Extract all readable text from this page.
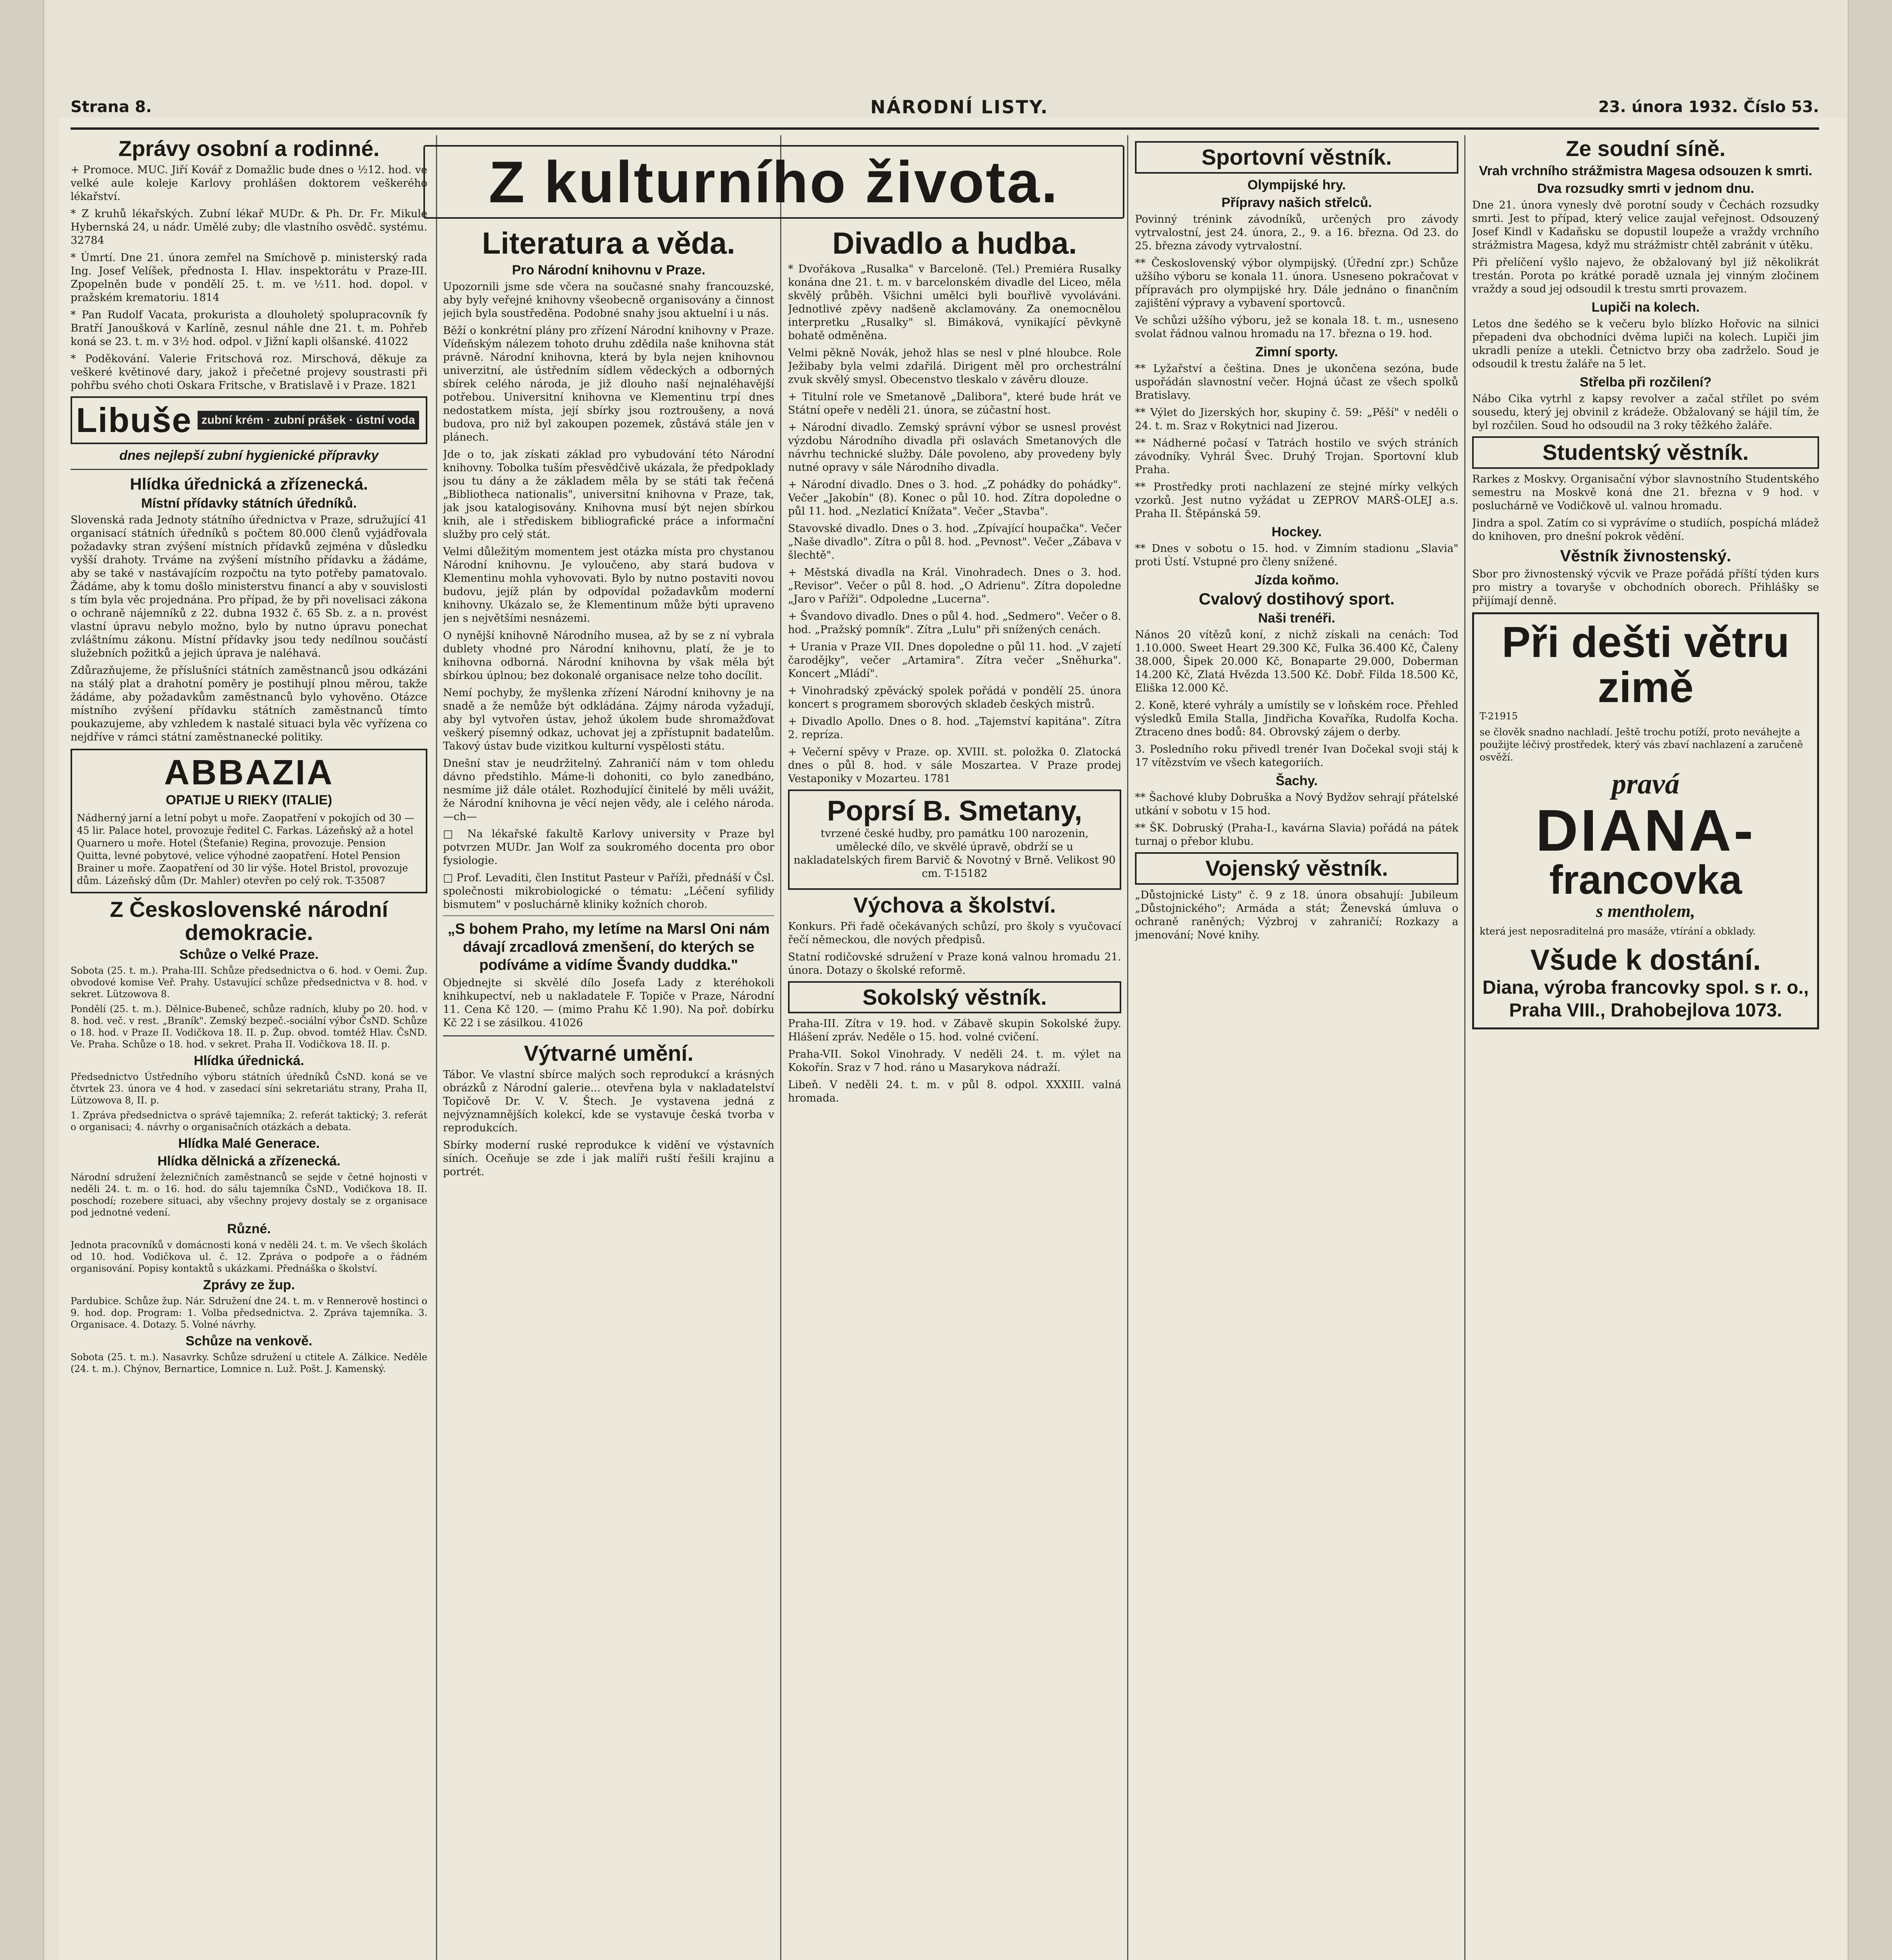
Strana 8.	NÁRODNÍ LISTY.	23. února 1932. Číslo 53.
Z kulturního života.
Zprávy osobní a rodinné.

+ Promoce. MUC. Jiří Kovář z Domažlic bude dnes o ½12. hod. ve velké aule koleje Karlovy prohlášen doktorem veškerého lékařství.

* Z kruhů lékařských. Zubní lékař MUDr. & Ph. Dr. Fr. Mikule Hybernská 24, u nádr. Umělé zuby; dle vlastního osvědč. systému. 32784

* Úmrtí. Dne 21. února zemřel na Smíchově p. ministerský rada Ing. Josef Velíšek, přednosta I. Hlav. inspektorátu v Praze-III. Zpopelněn bude v pondělí 25. t. m. ve ½11. hod. dopol. v pražském krematoriu. 1814

* Pan Rudolf Vacata, prokurista a dlouholetý spolupracovník fy Bratří Janoušková v Karlíně, zesnul náhle dne 21. t. m. Pohřeb koná se 23. t. m. v 3½ hod. odpol. v Jižní kapli olšanské. 41022

* Poděkování. Valerie Fritschová roz. Mirschová, děkuje za veškeré květinové dary, jakož i přečetné projevy soustrasti při pohřbu svého choti Oskara Fritsche, v Bratislavě i v Praze. 1821

Libuše zubní krém · zubní prášek · ústní voda
dnes nejlepší zubní hygienické přípravky
Hlídka úřednická a zřízenecká.
Místní přídavky státních úředníků.

Slovenská rada Jednoty státního úřednictva v Praze, sdružující 41 organisací státních úředníků s počtem 80.000 členů vyjádřovala požadavky stran zvýšení místních přídavků zejména v důsledku vyšší drahoty. Trváme na zvýšení místního přídavku a žádáme, aby se také v nastávajícím rozpočtu na tyto potřeby pamatovalo. Žádáme, aby k tomu došlo ministerstvu financí a aby v souvislosti s tím byla věc projednána. Pro případ, že by při novelisaci zákona o ochraně nájemníků z 22. dubna 1932 č. 65 Sb. z. a n. provést vlastní úpravu nebylo možno, bylo by nutno úpravu ponechat zvláštnímu zákonu. Místní přídavky jsou tedy nedílnou součástí služebních požitků a jejich úprava je naléhavá.

Zdůrazňujeme, že příslušníci státních zaměstnanců jsou odkázáni na stálý plat a drahotní poměry je postihují plnou měrou, takže žádáme, aby požadavkům zaměstnanců bylo vyhověno. Otázce místního zvýšení přídavku státních zaměstnanců tímto poukazujeme, aby vzhledem k nastalé situaci byla věc vyřízena co nejdříve v rámci státní zaměstnanecké politiky.

ABBAZIA
OPATIJE U RIEKY (ITALIE)
Nádherný jarní a letní pobyt u moře. Zaopatření v pokojích od 30 — 45 lir. Palace hotel, provozuje ředitel C. Farkas. Lázeňský až a hotel Quarnero u moře. Hotel (Štefanie) Regina, provozuje. Pension Quitta, levné pobytové, velice výhodné zaopatření. Hotel Pension Brainer u moře. Zaopatření od 30 lir výše. Hotel Bristol, provozuje dům. Lázeňský dům (Dr. Mahler) otevřen po celý rok. T-35087
Z Československé národní demokracie.
Schůze o Velké Praze.

Sobota (25. t. m.). Praha-III. Schůze předsednictva o 6. hod. v Oemi. Žup. obvodové komise Veř. Prahy. Ustavující schůze předsednictva v 8. hod. v sekret. Lützowova 8.

Pondělí (25. t. m.). Dělnice-Bubeneč, schůze radních, kluby po 20. hod. v 8. hod. več. v rest. „Braník". Zemský bezpeč.-sociální výbor ČsND. Schůze o 18. hod. v Praze II. Vodičkova 18. II. p. Žup. obvod. tomtéž Hlav. ČsND. Ve. Praha. Schůze o 18. hod. v sekret. Praha II. Vodičkova 18. II. p.

Hlídka úřednická.

Předsednictvo Ústředního výboru státních úředníků ČsND. koná se ve čtvrtek 23. února ve 4 hod. v zasedací síni sekretariátu strany, Praha II, Lützowova 8, II. p.

1. Zpráva předsednictva o správě tajemníka; 2. referát taktický; 3. referát o organisaci; 4. návrhy o organisačních otázkách a debata.

Hlídka Malé Generace.
Hlídka dělnická a zřízenecká.

Národní sdružení železničních zaměstnanců se sejde v četné hojnosti v neděli 24. t. m. o 16. hod. do sálu tajemníka ČsND., Vodičkova 18. II. poschodí; rozebere situaci, aby všechny projevy dostaly se z organisace pod jednotné vedení.

Různé.

Jednota pracovníků v domácnosti koná v neděli 24. t. m. Ve všech školách od 10. hod. Vodičkova ul. č. 12. Zpráva o podpoře a o řádném organisování. Popisy kontaktů s ukázkami. Přednáška o školství.

Zprávy ze žup.

Pardubice. Schůze žup. Nár. Sdružení dne 24. t. m. v Rennerově hostinci o 9. hod. dop. Program: 1. Volba předsednictva. 2. Zpráva tajemníka. 3. Organisace. 4. Dotazy. 5. Volné návrhy.

Schůze na venkově.

Sobota (25. t. m.). Nasavrky. Schůze sdružení u ctitele A. Zálkice. Neděle (24. t. m.). Chýnov, Bernartice, Lomnice n. Luž. Pošt. J. Kamenský.

Literatura a věda.
Pro Národní knihovnu v Praze.

Upozornili jsme sde včera na současné snahy francouzské, aby byly veřejné knihovny všeobecně organisovány a činnost jejich byla soustředěna. Podobné snahy jsou aktuelní i u nás.

Běží o konkrétní plány pro zřízení Národní knihovny v Praze. Vídeňským nálezem tohoto druhu zdědila naše knihovna stát právně. Národní knihovna, která by byla nejen knihovnou univerzitní, ale ústředním sídlem vědeckých a odborných sbírek celého národa, je již dlouho naší nejnaléhavější potřebou. Universitní knihovna ve Klementinu trpí dnes nedostatkem místa, její sbírky jsou roztroušeny, a nová budova, pro niž byl zakoupen pozemek, zůstává stále jen v plánech.

Jde o to, jak získati základ pro vybudování této Národní knihovny. Tobolka tuším přesvědčivě ukázala, že předpoklady jsou tu dány a že základem měla by se státi tak řečená „Bibliotheca nationalis", universitní knihovna v Praze, tak, jak jsou katalogisovány. Knihovna musí být nejen sbírkou knih, ale i střediskem bibliografické práce a informační služby pro celý stát.

Velmi důležitým momentem jest otázka místa pro chystanou Národní knihovnu. Je vyloučeno, aby stará budova v Klementinu mohla vyhovovati. Bylo by nutno postaviti novou budovu, jejíž plán by odpovídal požadavkům moderní knihovny. Ukázalo se, že Klementinum může býti upraveno jen s největšími nesnázemi.

O nynější knihovně Národního musea, až by se z ní vybrala dublety vhodné pro Národní knihovnu, platí, že je to knihovna odborná. Národní knihovna by však měla být sbírkou úplnou; bez dokonalé organisace nelze toho docílit.

Nemí pochyby, že myšlenka zřízení Národní knihovny je na snadě a že nemůže být odkládána. Zájmy národa vyžadují, aby byl vytvořen ústav, jehož úkolem bude shromažďovat veškerý písemný odkaz, uchovat jej a zpřístupnit badatelům. Takový ústav bude vizitkou kulturní vyspělosti státu.

Dnešní stav je neudržitelný. Zahraničí nám v tom ohledu dávno předstihlo. Máme-li dohoniti, co bylo zanedbáno, nesmíme již dále otálet. Rozhodující činitelé by měli uvážit, že Národní knihovna je věcí nejen vědy, ale i celého národa. —ch—

□ Na lékařské fakultě Karlovy university v Praze byl potvrzen MUDr. Jan Wolf za soukromého docenta pro obor fysiologie.

□ Prof. Levaditi, člen Institut Pasteur v Paříži, přednáší v Čsl. společnosti mikrobiologické o tématu: „Léčení syfilidy bismutem" v posluchárně kliniky kožních chorob.

„S bohem Praho, my letíme na Marsl Oni nám dávají zrcadlová zmenšení, do kterých se podíváme a vidíme Švandy duddka."

Objednejte si skvělé dílo Josefa Lady z kteréhokoli knihkupectví, neb u nakladatele F. Topiče v Praze, Národní 11. Cena Kč 120. — (mimo Prahu Kč 1.90). Na poř. dobírku Kč 22 i se zásilkou. 41026

Výtvarné umění.

Tábor. Ve vlastní sbírce malých soch reprodukcí a krásných obrázků z Národní galerie... otevřena byla v nakladatelství Topičově Dr. V. V. Štech. Je vystavena jedná z nejvýznamnějších kolekcí, kde se vystavuje česká tvorba v reprodukcích.

Sbírky moderní ruské reprodukce k vidění ve výstavních síních. Oceňuje se zde i jak malíři ruští řešili krajinu a portrét.

Divadlo a hudba.

* Dvořákova „Rusalka" v Barceloně. (Tel.) Premiéra Rusalky konána dne 21. t. m. v barcelonském divadle del Liceo, měla skvělý průběh. Všichni umělci byli bouřlivě vyvoláváni. Jednotlivé zpěvy nadšeně akclamovány. Za onemocnělou interpretku „Rusalky" sl. Bimáková, vynikající pěvkyně bohatě odměněna.

Velmi pěkně Novák, jehož hlas se nesl v plné hloubce. Role Ježibaby byla velmi zdařilá. Dirigent měl pro orchestrální zvuk skvělý smysl. Obecenstvo tleskalo v závěru dlouze.

+ Titulní role ve Smetanově „Dalibora", které bude hrát ve Státní opeře v neděli 21. února, se zúčastní host.

+ Národní divadlo. Zemský správní výbor se usnesl provést výzdobu Národního divadla při oslavách Smetanových dle návrhu technické služby. Dále povoleno, aby provedeny byly nutné opravy v sále Národního divadla.

+ Národní divadlo. Dnes o 3. hod. „Z pohádky do pohádky". Večer „Jakobín" (8). Konec o půl 10. hod. Zítra dopoledne o půl 11. hod. „Nezlaticí Knížata". Večer „Stavba".

Stavovské divadlo. Dnes o 3. hod. „Zpívající houpačka". Večer „Naše divadlo". Zítra o půl 8. hod. „Pevnost". Večer „Zábava v šlechtě".

+ Městská divadla na Král. Vinohradech. Dnes o 3. hod. „Revisor". Večer o půl 8. hod. „O Adrienu". Zítra dopoledne „Jaro v Paříži". Odpoledne „Lucerna".

+ Švandovo divadlo. Dnes o půl 4. hod. „Sedmero". Večer o 8. hod. „Pražský pomník". Zítra „Lulu" při snížených cenách.

+ Urania v Praze VII. Dnes dopoledne o půl 11. hod. „V zajetí čarodějky", večer „Artamira". Zítra večer „Sněhurka". Koncert „Mládí".

+ Vinohradský zpěvácký spolek pořádá v pondělí 25. února koncert s programem sborových skladeb českých mistrů.

+ Divadlo Apollo. Dnes o 8. hod. „Tajemství kapitána". Zítra 2. repríza.

+ Večerní spěvy v Praze. op. XVIII. st. položka 0. Zlatocká dnes o půl 8. hod. v sále Moszartea. V Praze prodej Vestaponiky v Mozarteu. 1781

Poprsí B. Smetany,

tvrzené české hudby, pro památku 100 narozenin, umělecké dílo, ve skvělé úpravě, obdrží se u nakladatelských firem Barvič & Novotný v Brně. Velikost 90 cm. T-15182

Výchova a školství.

Konkurs. Při řadě očekávaných schůzí, pro školy s vyučovací řečí německou, dle nových předpisů.

Statní rodičovské sdružení v Praze koná valnou hromadu 21. února. Dotazy o školské reformě.

Sokolský věstník.

Praha-III. Zítra v 19. hod. v Zábavě skupin Sokolské župy. Hlášení zpráv. Neděle o 15. hod. volné cvičení.

Praha-VII. Sokol Vinohrady. V neděli 24. t. m. výlet na Kokořín. Sraz v 7 hod. ráno u Masarykova nádraží.

Libeň. V neděli 24. t. m. v půl 8. odpol. XXXIII. valná hromada.

Sportovní věstník.
Olympijské hry.
Přípravy našich střelců.

Povinný trénink závodníků, určených pro závody vytrvalostní, jest 24. února, 2., 9. a 16. března. Od 23. do 25. března závody vytrvalostní.

** Československý výbor olympijský. (Úřední zpr.) Schůze užšího výboru se konala 11. února. Usneseno pokračovat v přípravách pro olympijské hry. Dále jednáno o finančním zajištění výpravy a vybavení sportovců.

Ve schůzi užšího výboru, jež se konala 18. t. m., usneseno svolat řádnou valnou hromadu na 17. března o 19. hod.

Zimní sporty.

** Lyžařství a čeština. Dnes je ukončena sezóna, bude uspořádán slavnostní večer. Hojná účast ze všech spolků Bratislavy.

** Výlet do Jizerských hor, skupiny č. 59: „Pěší" v neděli o 24. t. m. Sraz v Rokytnici nad Jizerou.

** Nádherné počasí v Tatrách hostilo ve svých stráních závodníky. Vyhrál Švec. Druhý Trojan. Sportovní klub Praha.

** Prostředky proti nachlazení ze stejné mírky velkých vzorků. Jest nutno vyžádat u ZEPROV MARŠ-OLEJ a.s. Praha II. Štěpánská 59.

Hockey.

** Dnes v sobotu o 15. hod. v Zimním stadionu „Slavia" proti Ústí. Vstupné pro členy snížené.

Jízda koňmo.
Cvalový dostihový sport.
Naši trenéři.

Nános 20 vítězů koní, z nichž získali na cenách: Tod 1.10.000. Sweet Heart 29.300 Kč, Fulka 36.400 Kč, Čaleny 38.000, Šipek 20.000 Kč, Bonaparte 29.000, Doberman 14.200 Kč, Zlatá Hvězda 13.500 Kč. Dobř. Filda 18.500 Kč, Eliška 12.000 Kč.

2. Koně, které vyhrály a umístily se v loňském roce. Přehled výsledků Emila Stalla, Jindřicha Kovaříka, Rudolfa Kocha. Ztraceno dnes bodů: 84. Obrovský zájem o derby.

3. Posledního roku přivedl trenér Ivan Dočekal svoji stáj k 17 vítězstvím ve všech kategoriích.

Šachy.

** Šachové kluby Dobruška a Nový Bydžov sehrají přátelské utkání v sobotu v 15 hod.

** ŠK. Dobruský (Praha-I., kavárna Slavia) pořádá na pátek turnaj o přebor klubu.

Vojenský věstník.

„Důstojnické Listy" č. 9 z 18. února obsahují: Jubileum „Důstojnického"; Armáda a stát; Ženevská úmluva o ochraně raněných; Výzbroj v zahraničí; Rozkazy a jmenování; Nové knihy.

Ze soudní síně.
Vrah vrchního strážmistra Magesa odsouzen k smrti.
Dva rozsudky smrti v jednom dnu.

Dne 21. února vynesly dvě porotní soudy v Čechách rozsudky smrti. Jest to případ, který velice zaujal veřejnost. Odsouzený Josef Kindl v Kadaňsku se dopustil loupeže a vraždy vrchního strážmistra Magesa, když mu strážmistr chtěl zabránit v útěku.

Při přelíčení vyšlo najevo, že obžalovaný byl již několikrát trestán. Porota po krátké poradě uznala jej vinným zločinem vraždy a soud jej odsoudil k trestu smrti provazem.

Lupiči na kolech.

Letos dne šedého se k večeru bylo blízko Hořovic na silnici přepadeni dva obchodníci dvěma lupiči na kolech. Lupiči jim ukradli peníze a utekli. Četnictvo brzy oba zadrželo. Soud je odsoudil k trestu žaláře na 5 let.

Střelba při rozčilení?

Nábo Cika vytrhl z kapsy revolver a začal střílet po svém sousedu, který jej obvinil z krádeže. Obžalovaný se hájil tím, že byl rozčilen. Soud ho odsoudil na 3 roky těžkého žaláře.

Studentský věstník.

Rarkes z Moskvy. Organisační výbor slavnostního Studentského semestru na Moskvě koná dne 21. března v 9 hod. v posluchárně ve Vodičkově ul. valnou hromadu.

Jindra a spol. Zatím co si vyprávíme o studiích, pospíchá mládež do knihoven, pro dnešní pokrok vědění.

Věstník živnostenský.

Sbor pro živnostenský výcvik ve Praze pořádá příští týden kurs pro mistry a tovaryše v obchodních oborech. Přihlášky se přijímají denně.

Při dešti větru zimě
T-21915
se člověk snadno nachladí. Ještě trochu potíží, proto neváhejte a použijte léčivý prostředek, který vás zbaví nachlazení a zaručeně osvěží.
pravá
DIANA-
francovka
s mentholem,
která jest neposraditelná pro masáže, vtírání a obklady.
Všude k dostání.
Diana, výroba francovky spol. s r. o., Praha VIII., Drahobejlova 1073.
